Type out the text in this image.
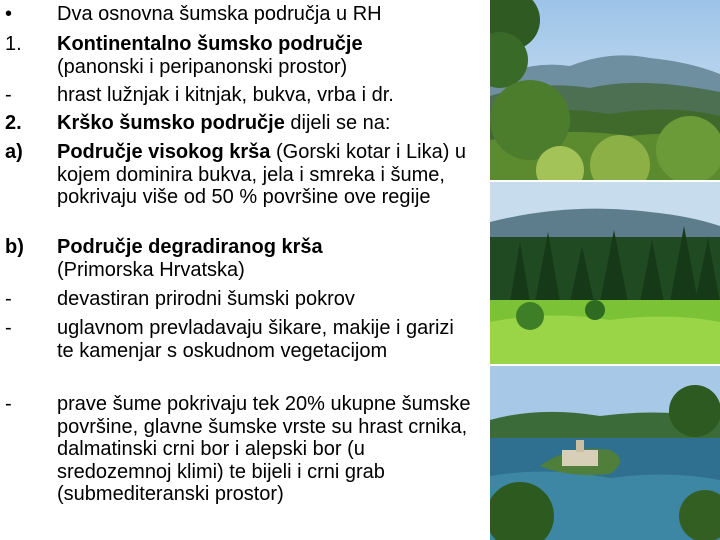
•	Dva osnovna šumska područja u RH
1.	Kontinentalno šumsko područje
(panonski i peripanonski prostor)
-	hrast lužnjak i kitnjak, bukva, vrba i dr.
2.	Krško šumsko područje dijeli se na:
a)	Područje visokog krša (Gorski kotar i Lika) u kojem dominira bukva, jela i smreka i šume, pokrivaju više od 50 % površine ove regije
b)	Područje degradiranog krša
(Primorska Hrvatska)
-	devastiran prirodni šumski pokrov
-	uglavnom prevladavaju šikare, makije i garizi te kamenjar s oskudnom vegetacijom
-	prave šume pokrivaju tek 20% ukupne šumske površine, glavne šumske vrste su hrast crnika, dalmatinski crni bor i alepski bor (u sredozemnoj klimi) te bijeli i crni grab (submediteranski prostor)
